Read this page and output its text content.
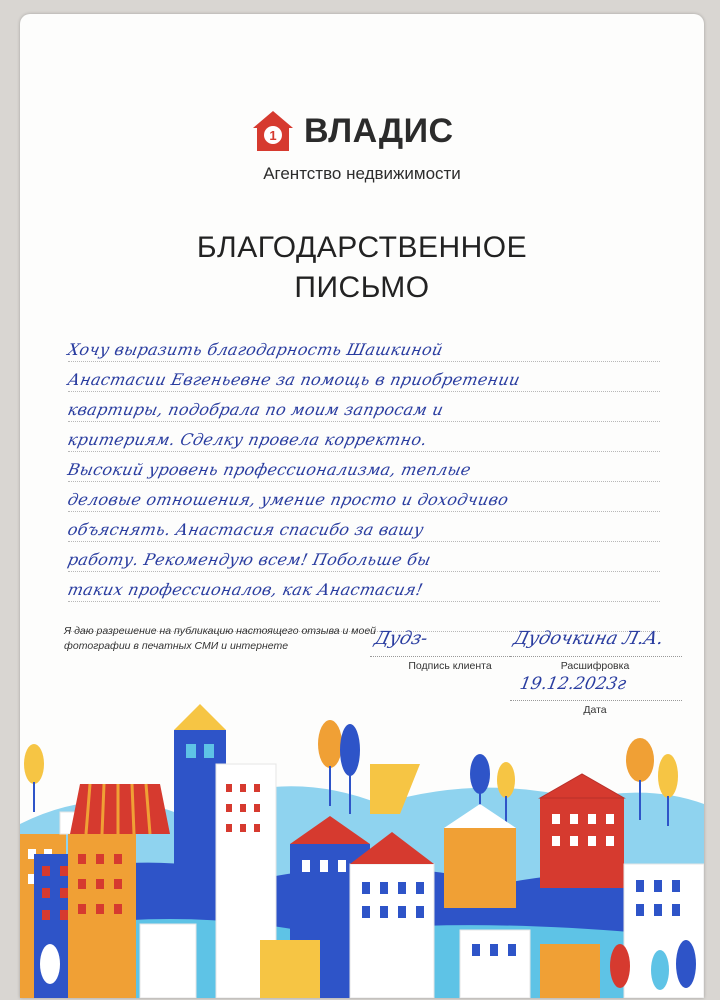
1 ВЛАДИС
Агентство недвижимости
БЛАГОДАРСТВЕННОЕ
ПИСЬМО
Хочу выразить благодарность Шашкиной
Анастасии Евгеньевне за помощь в приобретении
квартиры, подобрала по моим запросам и
критериям. Сделку провела корректно.
Высокий уровень профессионализма, теплые
деловые отношения, умение просто и доходчиво
объяснять. Анастасия спасибо за вашу
работу. Рекомендую всем! Побольше бы
таких профессионалов, как Анастасия!
Я даю разрешение на публикацию настоящего отзыва и моей фотографии в печатных СМИ и интернете	Дудз-
Подпись клиента
Дудочкина Л.А.
Расшифровка
19.12.2023г
Дата
